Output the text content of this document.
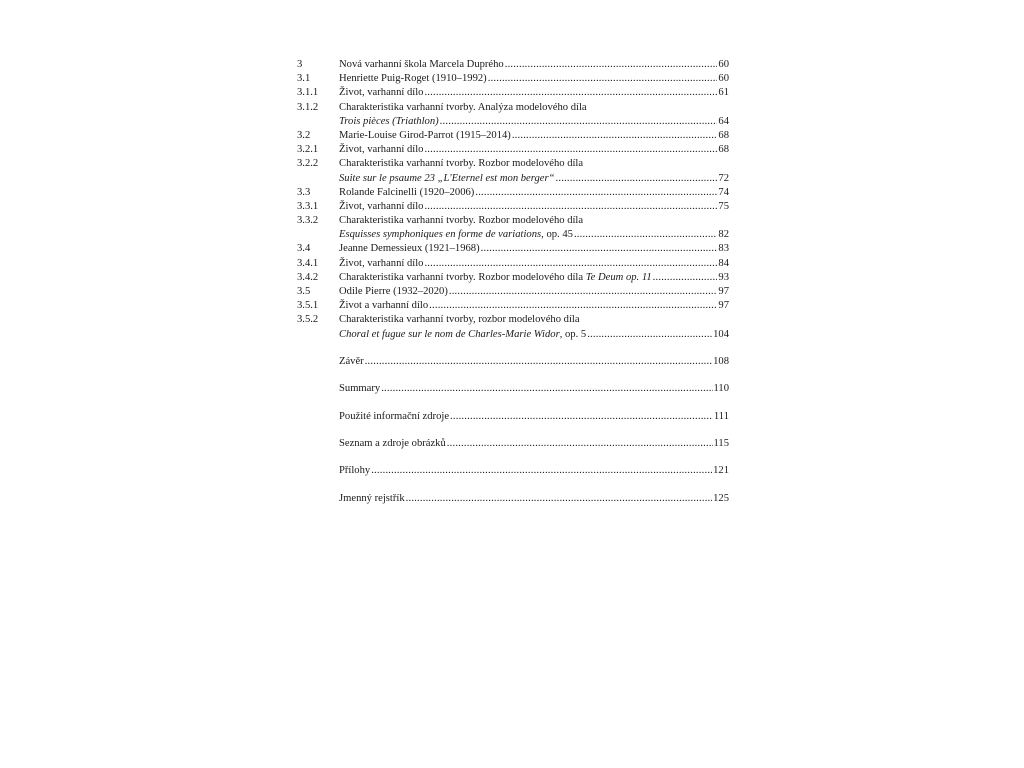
3	Nová varhanní škola Marcela Dupréhо .....	60
3.1	Henriette Puig-Roget (1910–1992) .....	60
3.1.1	Život, varhanní dílo .....	61
3.1.2	Charakteristika varhanní tvorby. Analýza modelového díla
Trois pièces (Triathlon) .....	64
3.2	Marie-Louise Girod-Parrot (1915–2014) .....	68
3.2.1	Život, varhanní dílo .....	68
3.2.2	Charakteristika varhanní tvorby. Rozbor modelového díla
Suite sur le psaume 23 „L'Eternel est mon berger“ .....	72
3.3	Rolande Falcinelli (1920–2006) .....	74
3.3.1	Život, varhanní dílo .....	75
3.3.2	Charakteristika varhanní tvorby. Rozbor modelového díla
Esquisses symphoniques en forme de variations, op. 45 .....	82
3.4	Jeanne Demessieux (1921–1968) .....	83
3.4.1	Život, varhanní dílo .....	84
3.4.2	Charakteristika varhanní tvorby. Rozbor modelového díla Te Deum op. 11 .....	93
3.5	Odile Pierre (1932–2020) .....	97
3.5.1	Život a varhanní dílo .....	97
3.5.2	Charakteristika varhanní tvorby, rozbor modelového díla
Choral et fugue sur le nom de Charles-Marie Widor, op. 5 .....	104
Závěr .....	108
Summary .....	110
Použité informační zdroje .....	111
Seznam a zdroje obrázků .....	115
Přílohy .....	121
Jmenný rejstřík .....	125
